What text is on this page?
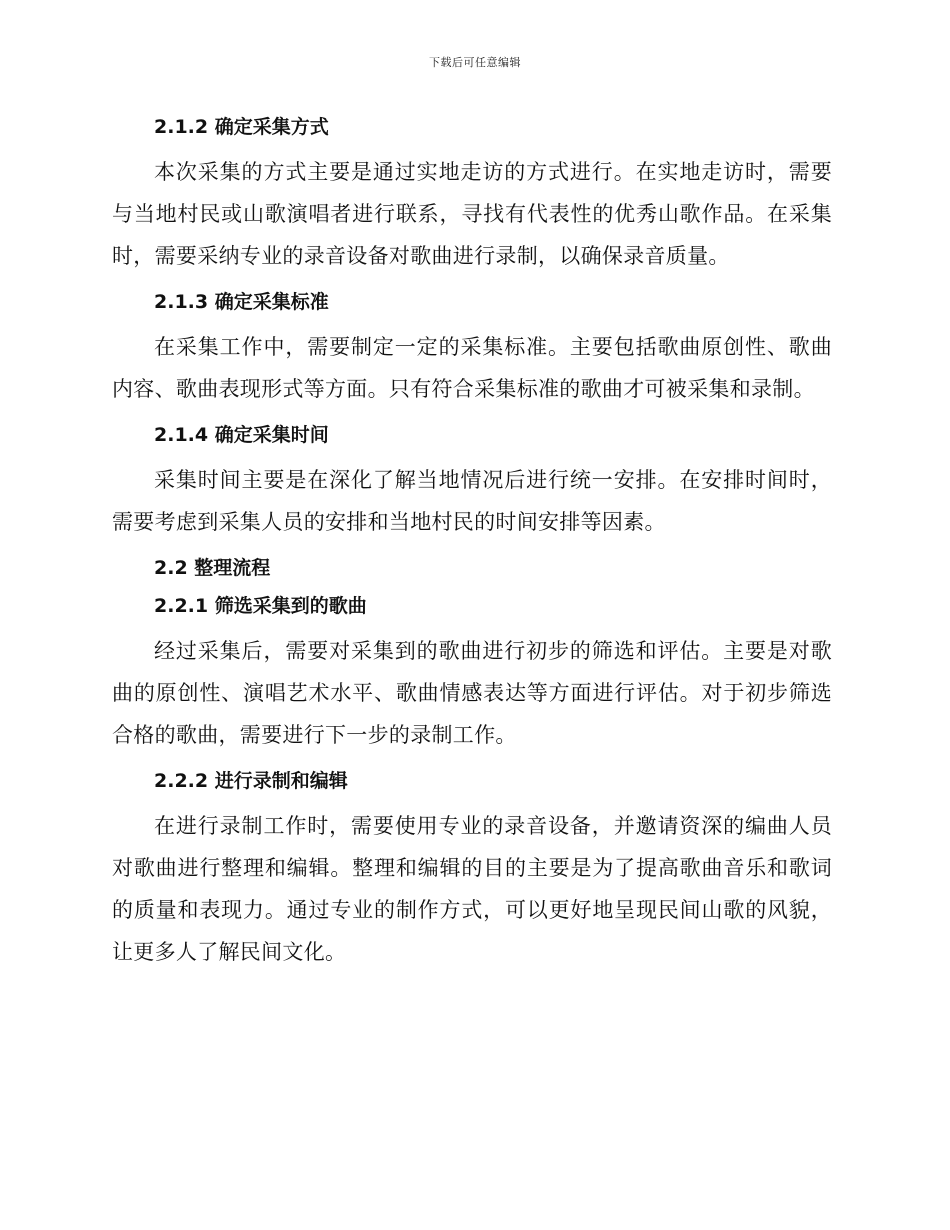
下载后可任意编辑
2.1.2 确定采集方式

本次采集的方式主要是通过实地走访的方式进行。在实地走访时，需要与当地村民或山歌演唱者进行联系，寻找有代表性的优秀山歌作品。在采集时，需要采纳专业的录音设备对歌曲进行录制，以确保录音质量。

2.1.3 确定采集标准

在采集工作中，需要制定一定的采集标准。主要包括歌曲原创性、歌曲内容、歌曲表现形式等方面。只有符合采集标准的歌曲才可被采集和录制。

2.1.4 确定采集时间

采集时间主要是在深化了解当地情况后进行统一安排。在安排时间时，需要考虑到采集人员的安排和当地村民的时间安排等因素。

2.2 整理流程
2.2.1 筛选采集到的歌曲

经过采集后，需要对采集到的歌曲进行初步的筛选和评估。主要是对歌曲的原创性、演唱艺术水平、歌曲情感表达等方面进行评估。对于初步筛选合格的歌曲，需要进行下一步的录制工作。

2.2.2 进行录制和编辑

在进行录制工作时，需要使用专业的录音设备，并邀请资深的编曲人员对歌曲进行整理和编辑。整理和编辑的目的主要是为了提高歌曲音乐和歌词的质量和表现力。通过专业的制作方式，可以更好地呈现民间山歌的风貌，让更多人了解民间文化。
